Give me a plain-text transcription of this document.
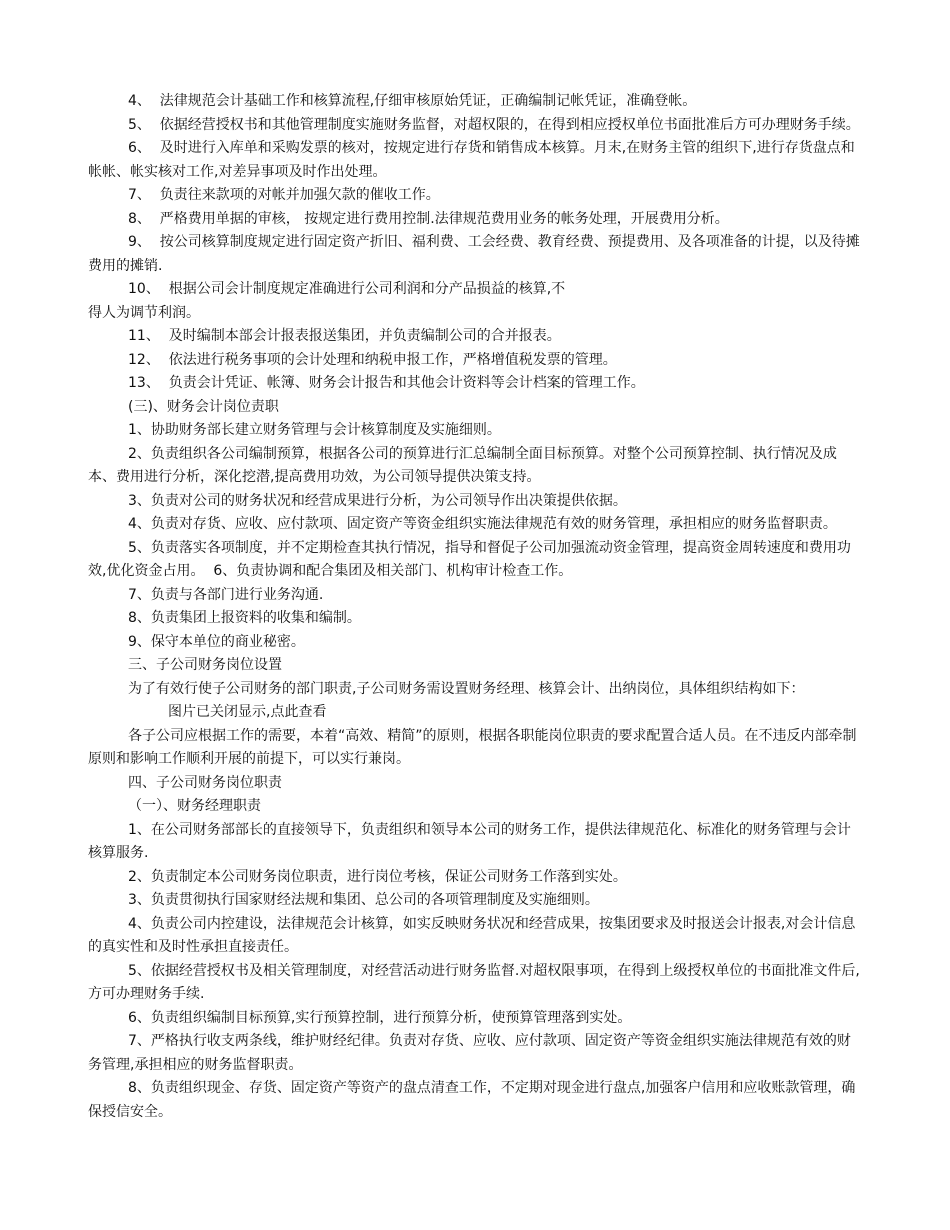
4、  法律规范会计基础工作和核算流程,仔细审核原始凭证，正确编制记帐凭证，准确登帐。

5、  依据经营授权书和其他管理制度实施财务监督，对超权限的，在得到相应授权单位书面批准后方可办理财务手续。

6、  及时进行入库单和采购发票的核对，按规定进行存货和销售成本核算。月末,在财务主管的组织下,进行存货盘点和帐帐、帐实核对工作,对差异事项及时作出处理。

7、  负责往来款项的对帐并加强欠款的催收工作。

8、  严格费用单据的审核， 按规定进行费用控制.法律规范费用业务的帐务处理，开展费用分析。

9、  按公司核算制度规定进行固定资产折旧、福利费、工会经费、教育经费、预提费用、及各项准备的计提，以及待摊费用的摊销.

10、  根据公司会计制度规定准确进行公司利润和分产品损益的核算,不

得人为调节利润。

11、  及时编制本部会计报表报送集团，并负责编制公司的合并报表。

12、  依法进行税务事项的会计处理和纳税申报工作，严格增值税发票的管理。

13、  负责会计凭证、帐簿、财务会计报告和其他会计资料等会计档案的管理工作。

(三)、财务会计岗位责职

1、协助财务部长建立财务管理与会计核算制度及实施细则。

2、负责组织各公司编制预算，根据各公司的预算进行汇总编制全面目标预算。对整个公司预算控制、执行情况及成本、费用进行分析，深化挖潜,提高费用功效，为公司领导提供决策支持。

3、负责对公司的财务状况和经营成果进行分析，为公司领导作出决策提供依据。

4、负责对存货、应收、应付款项、固定资产等资金组织实施法律规范有效的财务管理，承担相应的财务监督职责。

5、负责落实各项制度，并不定期检查其执行情况，指导和督促子公司加强流动资金管理，提高资金周转速度和费用功效,优化资金占用。  6、负责协调和配合集团及相关部门、机构审计检查工作。

7、负责与各部门进行业务沟通.

8、负责集团上报资料的收集和编制。

9、保守本单位的商业秘密。

三、子公司财务岗位设置

为了有效行使子公司财务的部门职责,子公司财务需设置财务经理、核算会计、出纳岗位，具体组织结构如下：

图片已关闭显示,点此查看

各子公司应根据工作的需要，本着“高效、精简”的原则，根据各职能岗位职责的要求配置合适人员。在不违反内部牵制原则和影响工作顺利开展的前提下，可以实行兼岗。

四、子公司财务岗位职责

（一）、财务经理职责

1、在公司财务部部长的直接领导下，负责组织和领导本公司的财务工作，提供法律规范化、标准化的财务管理与会计核算服务.

2、负责制定本公司财务岗位职责，进行岗位考核，保证公司财务工作落到实处。

3、负责贯彻执行国家财经法规和集团、总公司的各项管理制度及实施细则。

4、负责公司内控建设，法律规范会计核算，如实反映财务状况和经营成果，按集团要求及时报送会计报表,对会计信息的真实性和及时性承担直接责任。

5、依据经营授权书及相关管理制度，对经营活动进行财务监督.对超权限事项，在得到上级授权单位的书面批准文件后,方可办理财务手续.

6、负责组织编制目标预算,实行预算控制，进行预算分析，使预算管理落到实处。

7、严格执行收支两条线，维护财经纪律。负责对存货、应收、应付款项、固定资产等资金组织实施法律规范有效的财务管理,承担相应的财务监督职责。

8、负责组织现金、存货、固定资产等资产的盘点清查工作，不定期对现金进行盘点,加强客户信用和应收账款管理，确保授信安全。
